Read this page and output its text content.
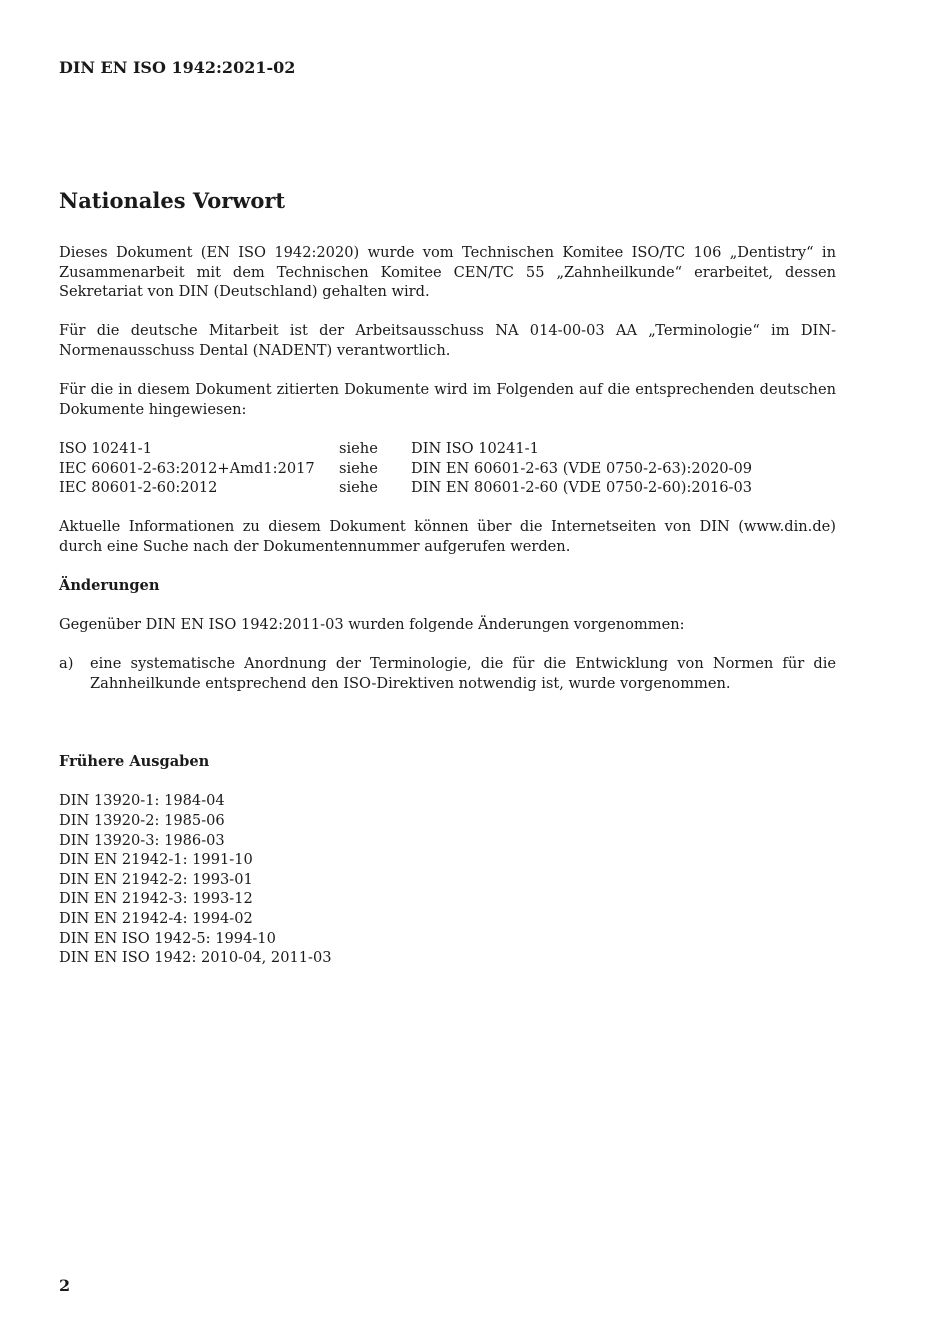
DIN EN ISO 1942:2021-02
Nationales Vorwort

Dieses Dokument (EN ISO 1942:2020) wurde vom Technischen Komitee ISO/TC 106 „Dentistry“ in Zusammenarbeit mit dem Technischen Komitee CEN/TC 55 „Zahnheilkunde“ erarbeitet, dessen Sekretariat von DIN (Deutschland) gehalten wird.

Für die deutsche Mitarbeit ist der Arbeitsausschuss NA 014-00-03 AA „Terminologie“ im DIN-Normenausschuss Dental (NADENT) verantwortlich.

Für die in diesem Dokument zitierten Dokumente wird im Folgenden auf die entsprechenden deutschen Dokumente hingewiesen:

ISO 10241-1	siehe	DIN ISO 10241-1
IEC 60601-2-63:2012+Amd1:2017	siehe	DIN EN 60601-2-63 (VDE 0750-2-63):2020-09
IEC 80601-2-60:2012	siehe	DIN EN 80601-2-60 (VDE 0750-2-60):2016-03

Aktuelle Informationen zu diesem Dokument können über die Internetseiten von DIN (www.din.de) durch eine Suche nach der Dokumentennummer aufgerufen werden.

Änderungen

Gegenüber DIN EN ISO 1942:2011-03 wurden folgende Änderungen vorgenommen:

a)	eine systematische Anordnung der Terminologie, die für die Entwicklung von Normen für die Zahnheilkunde entsprechend den ISO-Direktiven notwendig ist, wurde vorgenommen.
Frühere Ausgaben
DIN 13920-1: 1984-04
DIN 13920-2: 1985-06
DIN 13920-3: 1986-03
DIN EN 21942-1: 1991-10
DIN EN 21942-2: 1993-01
DIN EN 21942-3: 1993-12
DIN EN 21942-4: 1994-02
DIN EN ISO 1942-5: 1994-10
DIN EN ISO 1942: 2010-04, 2011-03
2
